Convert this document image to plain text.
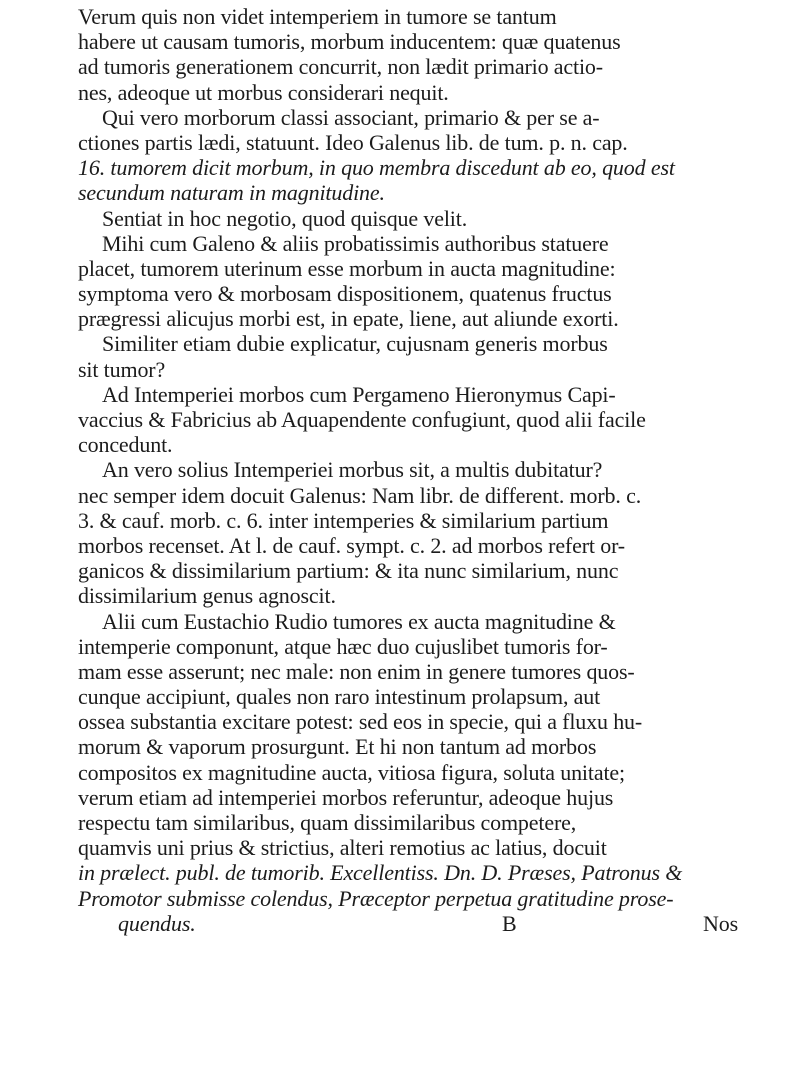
Verum quis non videt intemperiem in tumore se tantum
habere ut causam tumoris, morbum inducentem: quæ quatenus
ad tumoris generationem concurrit, non lædit primario actio-
nes, adeoque ut morbus considerari nequit.
Qui vero morborum classi associant, primario & per se a-
ctiones partis lædi, statuunt. Ideo Galenus lib. de tum. p. n. cap.
16. tumorem dicit morbum, in quo membra discedunt ab eo, quod est
secundum naturam in magnitudine.
Sentiat in hoc negotio, quod quisque velit.
Mihi cum Galeno & aliis probatissimis authoribus statuere
placet, tumorem uterinum esse morbum in aucta magnitudine:
symptoma vero & morbosam dispositionem, quatenus fructus
prægressi alicujus morbi est, in epate, liene, aut aliunde exorti.
Similiter etiam dubie explicatur, cujusnam generis morbus
sit tumor?
Ad Intemperiei morbos cum Pergameno Hieronymus Capi-
vaccius & Fabricius ab Aquapendente confugiunt, quod alii facile
concedunt.
An vero solius Intemperiei morbus sit, a multis dubitatur?
nec semper idem docuit Galenus: Nam libr. de different. morb. c.
3. & cauf. morb. c. 6. inter intemperies & similarium partium
morbos recenset. At l. de cauf. sympt. c. 2. ad morbos refert or-
ganicos & dissimilarium partium: & ita nunc similarium, nunc
dissimilarium genus agnoscit.
Alii cum Eustachio Rudio tumores ex aucta magnitudine &
intemperie componunt, atque hæc duo cujuslibet tumoris for-
mam esse asserunt; nec male: non enim in genere tumores quos-
cunque accipiunt, quales non raro intestinum prolapsum, aut
ossea substantia excitare potest: sed eos in specie, qui a fluxu hu-
morum & vaporum prosurgunt. Et hi non tantum ad morbos
compositos ex magnitudine aucta, vitiosa figura, soluta unitate;
verum etiam ad intemperiei morbos referuntur, adeoque hujus
respectu tam similaribus, quam dissimilaribus competere,
quamvis uni prius & strictius, alteri remotius ac latius, docuit
in prælect. publ. de tumorib. Excellentiss. Dn. D. Præses, Patronus &
Promotor submisse colendus, Præceptor perpetua gratitudine prose-
quendus.	B	Nos
